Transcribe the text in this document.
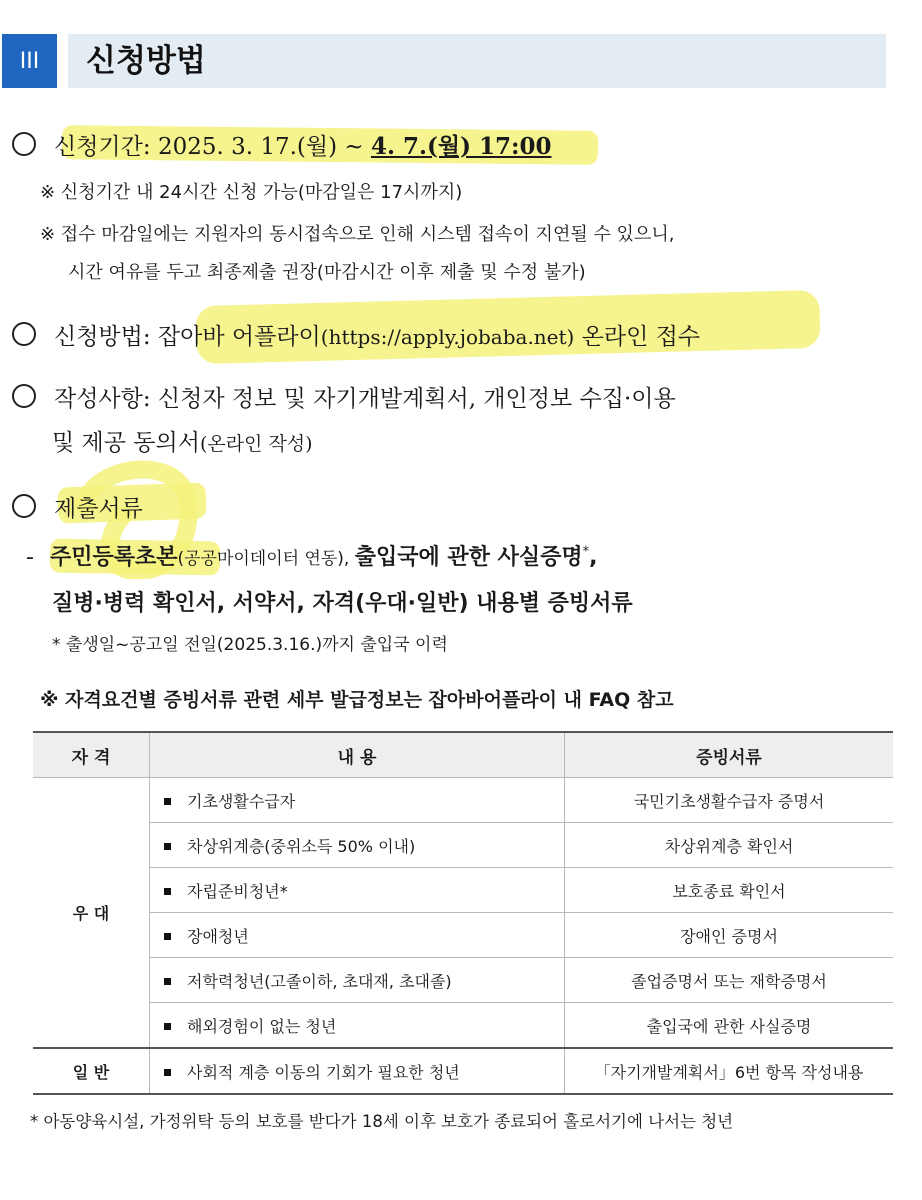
III 신청방법
신청기간: 2025. 3. 17.(월) ~ 4. 7.(월) 17:00
※ 신청기간 내 24시간 신청 가능(마감일은 17시까지)
※ 접수 마감일에는 지원자의 동시접속으로 인해 시스템 접속이 지연될 수 있으니,
시간 여유를 두고 최종제출 권장(마감시간 이후 제출 및 수정 불가)
신청방법: 잡아바 어플라이(https://apply.jobaba.net) 온라인 접수
작성사항: 신청자 정보 및 자기개발계획서, 개인정보 수집·이용
및 제공 동의서(온라인 작성)
제출서류
- 주민등록초본(공공마이데이터 연동), 출입국에 관한 사실증명*,
질병·병력 확인서, 서약서, 자격(우대·일반) 내용별 증빙서류
* 출생일~공고일 전일(2025.3.16.)까지 출입국 이력
※ 자격요건별 증빙서류 관련 세부 발급정보는 잡아바어플라이 내 FAQ 참고
자 격	내 용	증빙서류
우 대	기초생활수급자	국민기초생활수급자 증명서
	차상위계층(중위소득 50% 이내)	차상위계층 확인서
	자립준비청년*	보호종료 확인서
	장애청년	장애인 증명서
	저학력청년(고졸이하, 초대재, 초대졸)	졸업증명서 또는 재학증명서
	해외경험이 없는 청년	출입국에 관한 사실증명
일 반	사회적 계층 이동의 기회가 필요한 청년	「자기개발계획서」6번 항목 작성내용
* 아동양육시설, 가정위탁 등의 보호를 받다가 18세 이후 보호가 종료되어 홀로서기에 나서는 청년
